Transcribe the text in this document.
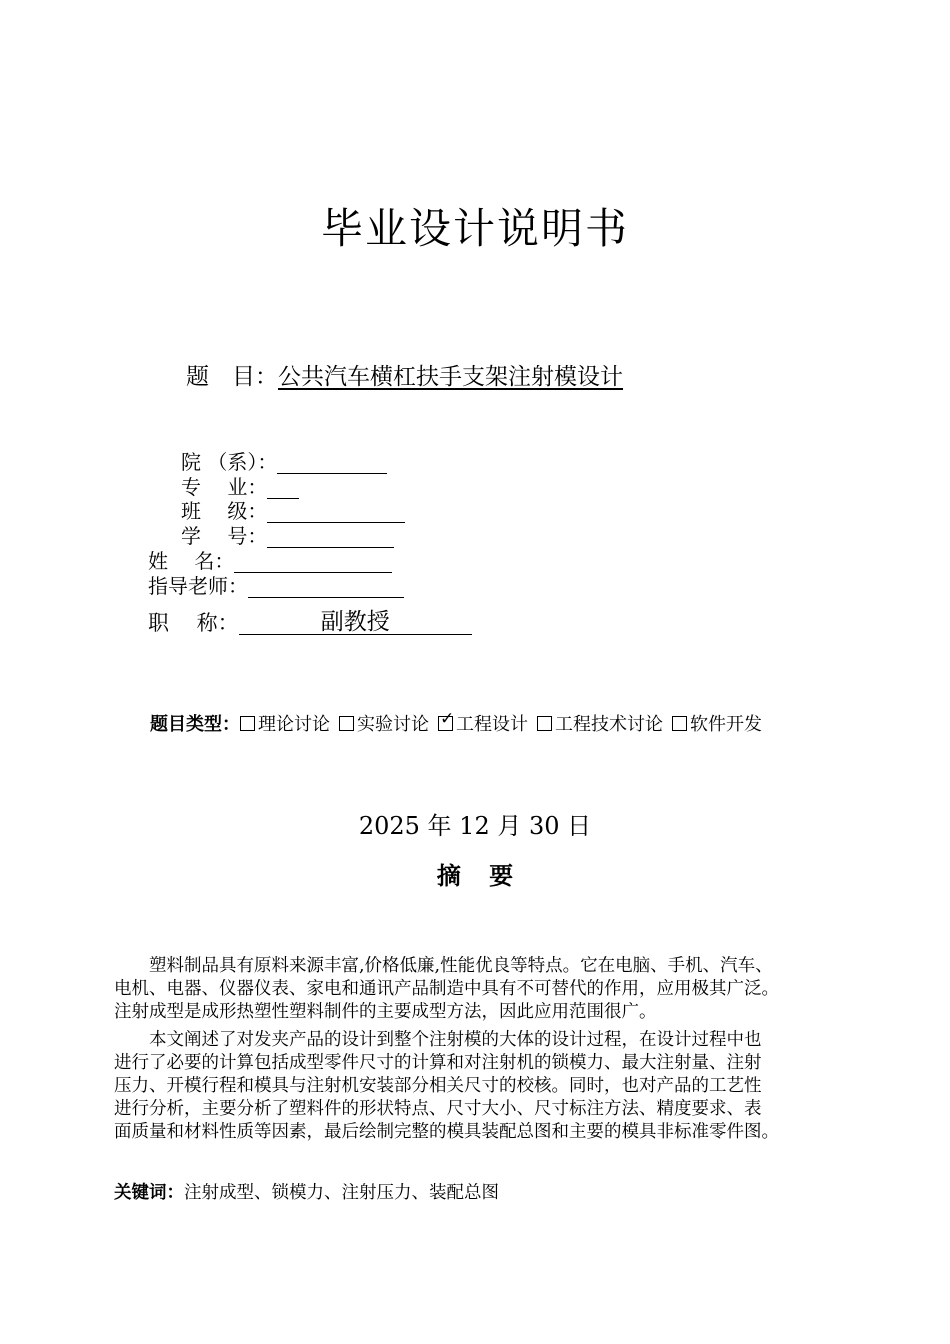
毕业设计说明书
题　目：公共汽车横杠扶手支架注射模设计
院 （系）：
专　 业：
班　 级：
学　 号：
姓　 名：
指导老师：
职　 称：	副教授
题目类型： 理论讨论 实验讨论 ✓ 工程设计 工程技术讨论 软件开发
2025 年 12 月 30 日
摘 要
　　塑料制品具有原料来源丰富,价格低廉,性能优良等特点。它在电脑、手机、汽车、
电机、电器、仪器仪表、家电和通讯产品制造中具有不可替代的作用，应用极其广泛。
注射成型是成形热塑性塑料制件的主要成型方法，因此应用范围很广。
　　本文阐述了对发夹产品的设计到整个注射模的大体的设计过程，在设计过程中也
进行了必要的计算包括成型零件尺寸的计算和对注射机的锁模力、最大注射量、注射
压力、开模行程和模具与注射机安装部分相关尺寸的校核。同时，也对产品的工艺性
进行分析，主要分析了塑料件的形状特点、尺寸大小、尺寸标注方法、精度要求、表
面质量和材料性质等因素，最后绘制完整的模具装配总图和主要的模具非标准零件图。
关键词：注射成型、锁模力、注射压力、装配总图
